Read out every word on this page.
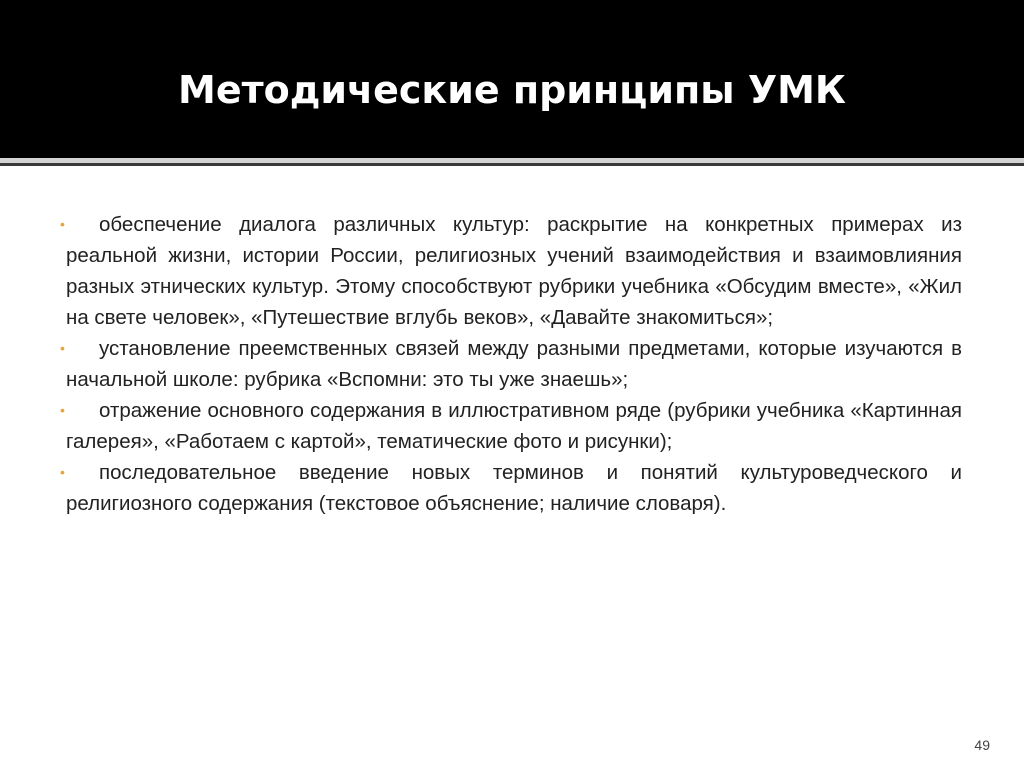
Методические принципы УМК

• обеспечение диалога различных культур: раскрытие на конкретных примерах из реальной жизни, истории России, религиозных учений взаимодействия и взаимовлияния разных этнических культур. Этому способствуют рубрики учебника «Обсудим вместе», «Жил на свете человек», «Путешествие вглубь веков», «Давайте знакомиться»;

• установление преемственных связей между разными предметами, которые изучаются в начальной школе: рубрика «Вспомни: это ты уже знаешь»;

• отражение основного содержания в иллюстративном ряде (рубрики учебника «Картинная галерея», «Работаем с картой», тематические фото и рисунки);

• последовательное введение новых терминов и понятий культуроведческого и религиозного содержания (текстовое объяснение; наличие словаря).

49
